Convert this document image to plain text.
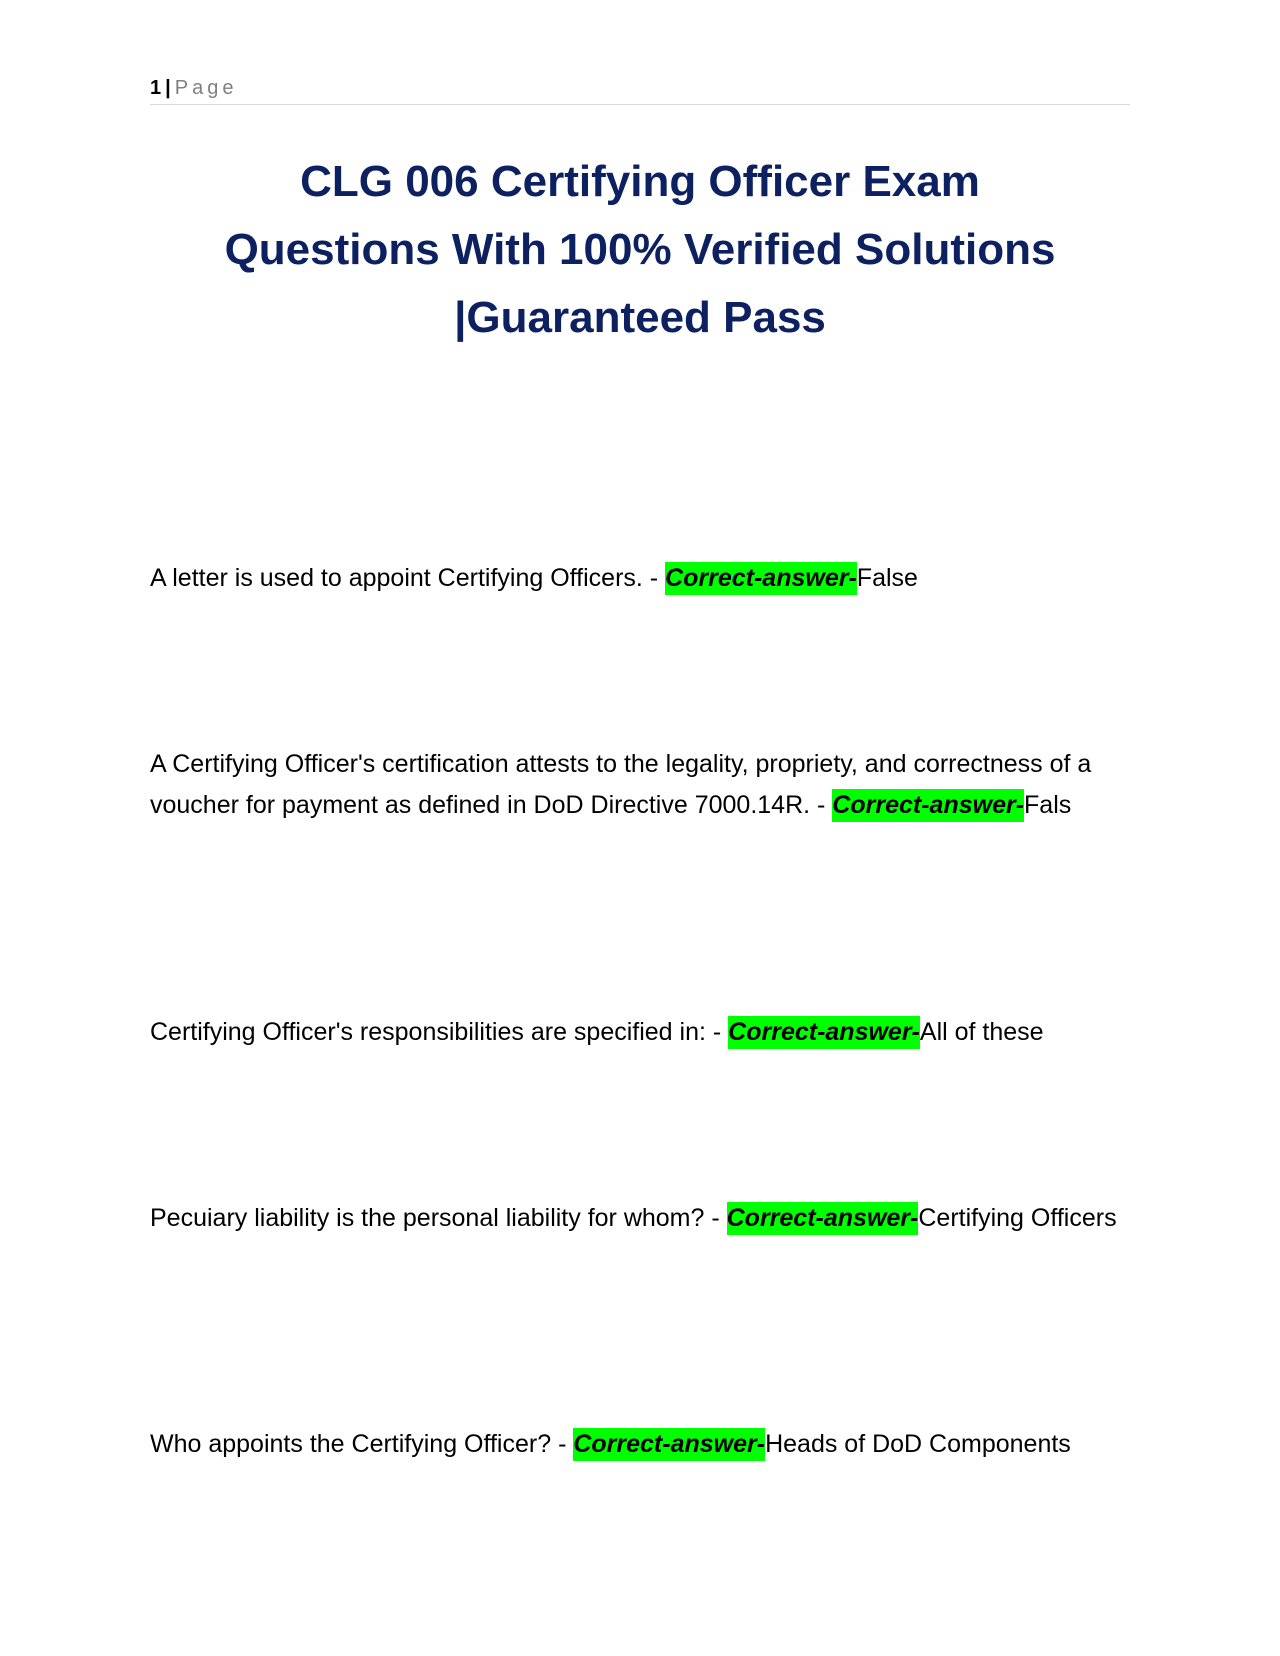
1 | Page
CLG 006 Certifying Officer Exam
Questions With 100% Verified Solutions
|Guaranteed Pass

A letter is used to appoint Certifying Officers. - Correct-answer-False

A Certifying Officer's certification attests to the legality, propriety, and correctness of a voucher for payment as defined in DoD Directive 7000.14R. - Correct-answer-Fals

Certifying Officer's responsibilities are specified in: - Correct-answer-All of these

Pecuiary liability is the personal liability for whom? - Correct-answer-Certifying Officers

Who appoints the Certifying Officer? - Correct-answer-Heads of DoD Components
